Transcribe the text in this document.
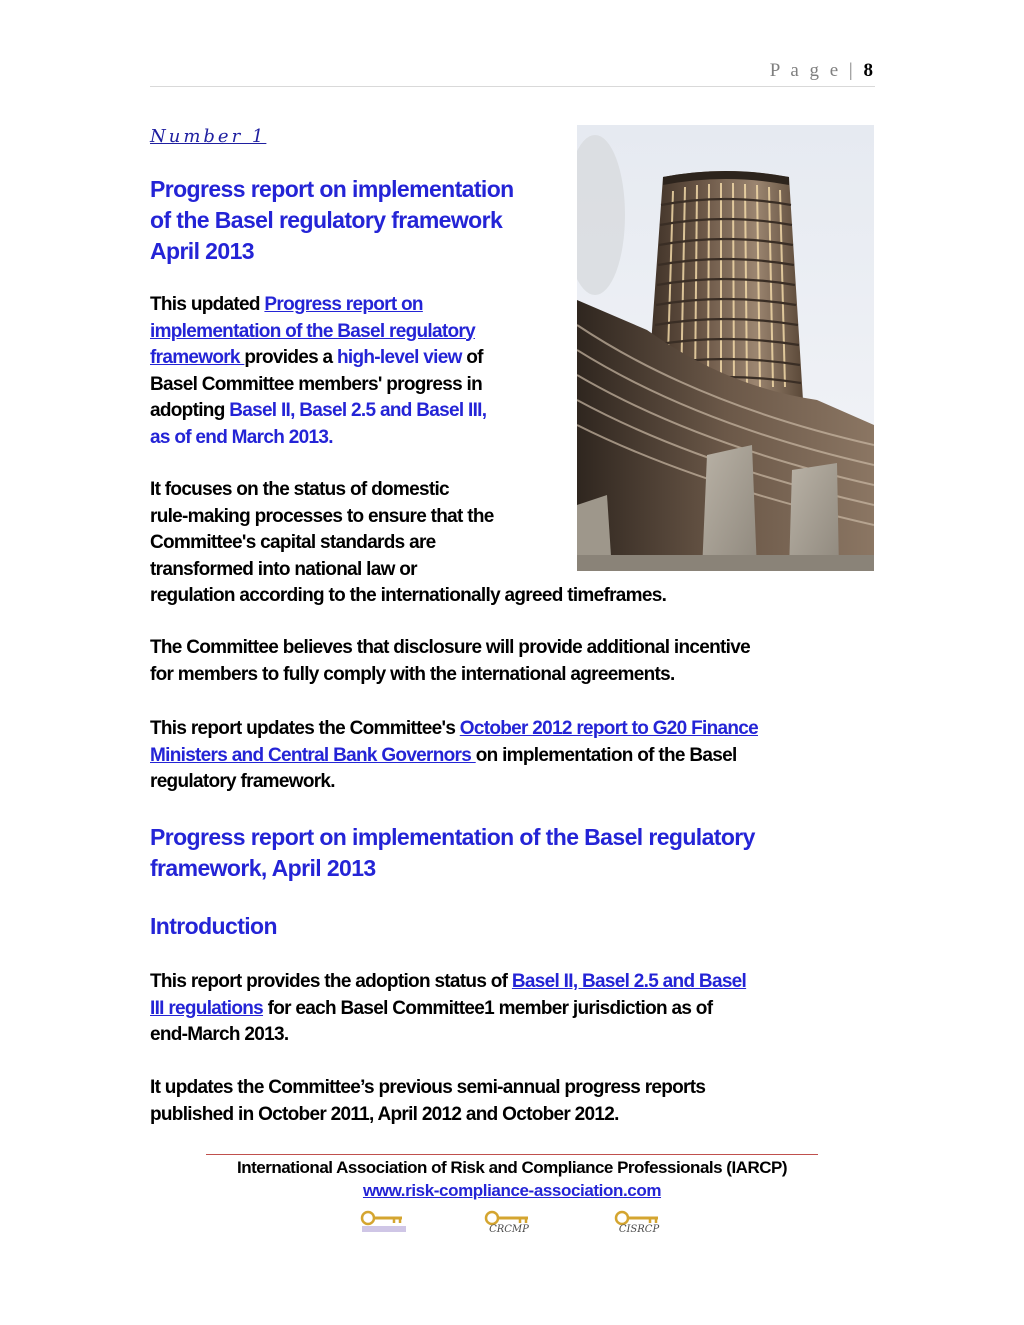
P a g e | 8
Number 1
Progress report on implementation
of the Basel regulatory framework
April 2013
This updated Progress report on
implementation of the Basel regulatory
framework provides a high-level view of
Basel Committee members' progress in
adopting Basel II, Basel 2.5 and Basel III,
as of end March 2013.
It focuses on the status of domestic
rule-making processes to ensure that the
Committee's capital standards are
transformed into national law or
regulation according to the internationally agreed timeframes.
The Committee believes that disclosure will provide additional incentive
for members to fully comply with the international agreements.
This report updates the Committee's October 2012 report to G20 Finance
Ministers and Central Bank Governors on implementation of the Basel
regulatory framework.
Progress report on implementation of the Basel regulatory
framework, April 2013
Introduction
This report provides the adoption status of Basel II, Basel 2.5 and Basel
III regulations for each Basel Committee1 member jurisdiction as of
end-March 2013.
It updates the Committee’s previous semi-annual progress reports
published in October 2011, April 2012 and October 2012.
International Association of Risk and Compliance Professionals (IARCP)
www.risk-compliance-association.com
CRCMP	CISRCP
